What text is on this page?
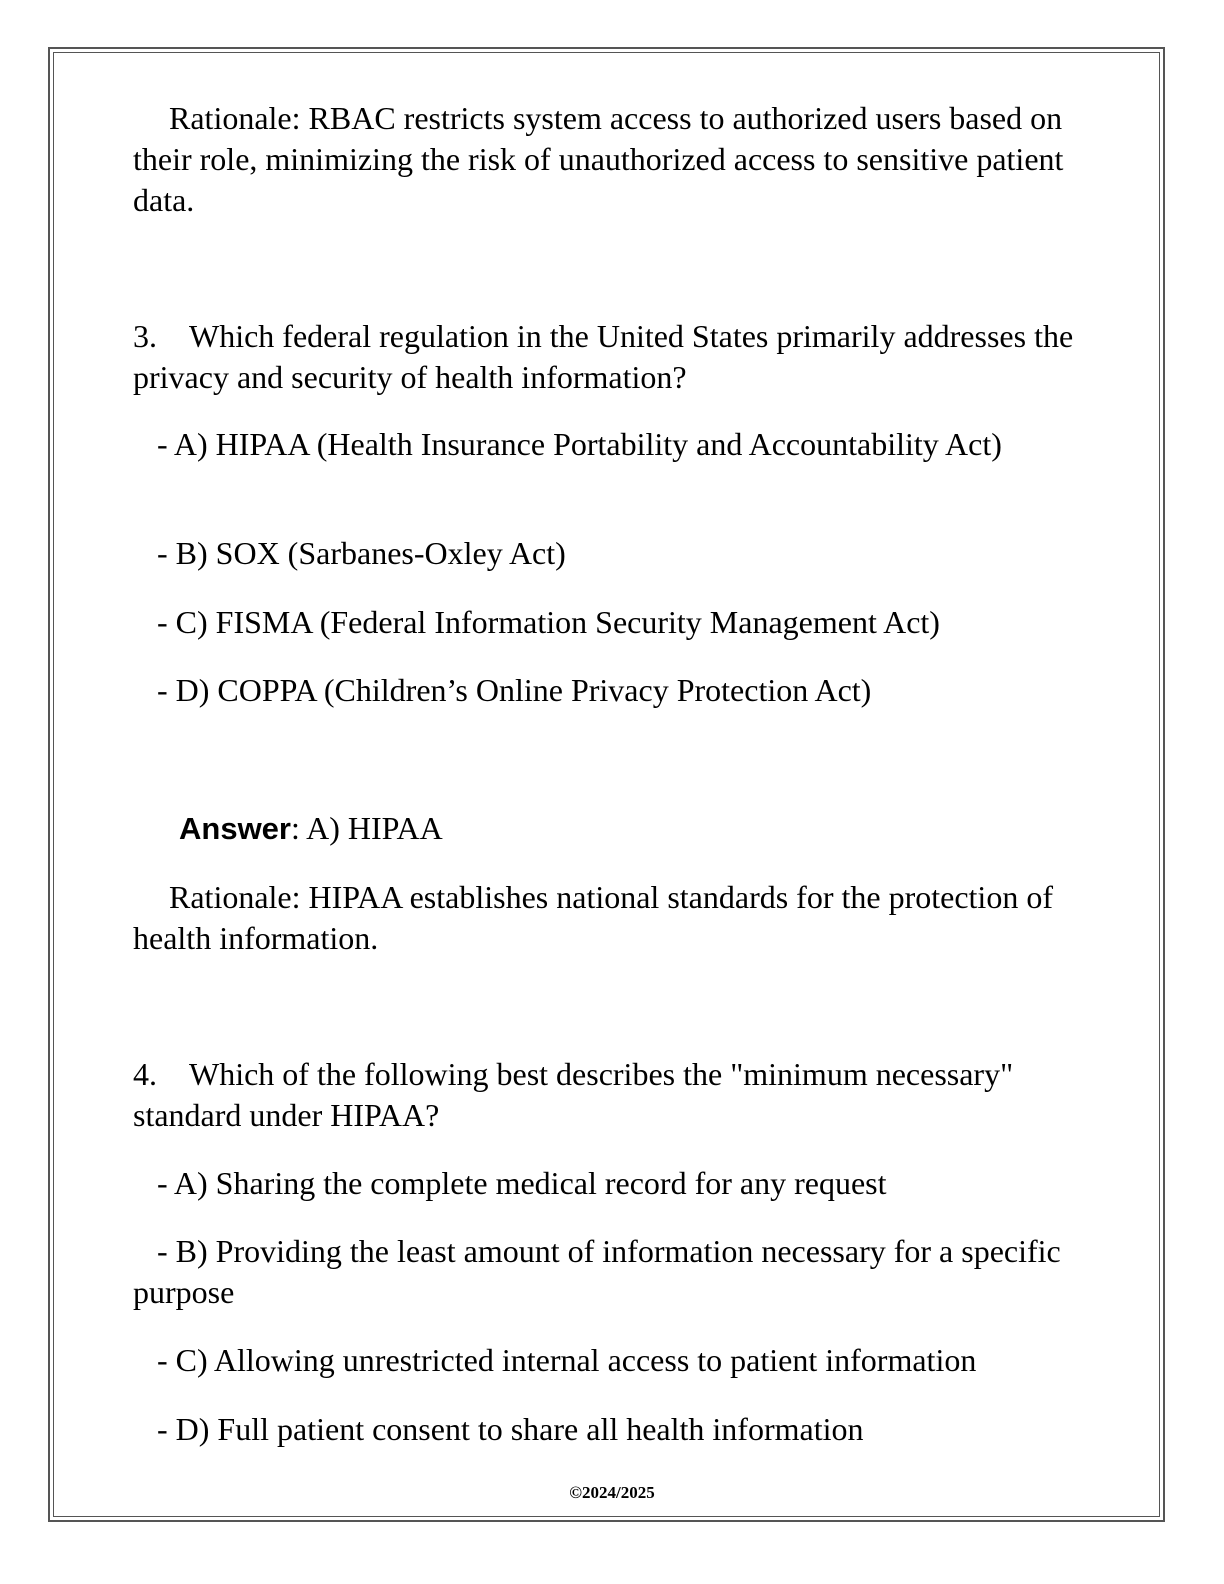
Rationale: RBAC restricts system access to authorized users based on their role, minimizing the risk of unauthorized access to sensitive patient data.

3. Which federal regulation in the United States primarily addresses the privacy and security of health information?

- A) HIPAA (Health Insurance Portability and Accountability Act)

- B) SOX (Sarbanes-Oxley Act)

- C) FISMA (Federal Information Security Management Act)

- D) COPPA (Children’s Online Privacy Protection Act)

Answer: A) HIPAA

Rationale: HIPAA establishes national standards for the protection of health information.

4. Which of the following best describes the "minimum necessary" standard under HIPAA?

- A) Sharing the complete medical record for any request

- B) Providing the least amount of information necessary for a specific purpose

- C) Allowing unrestricted internal access to patient information

- D) Full patient consent to share all health information

©2024/2025
